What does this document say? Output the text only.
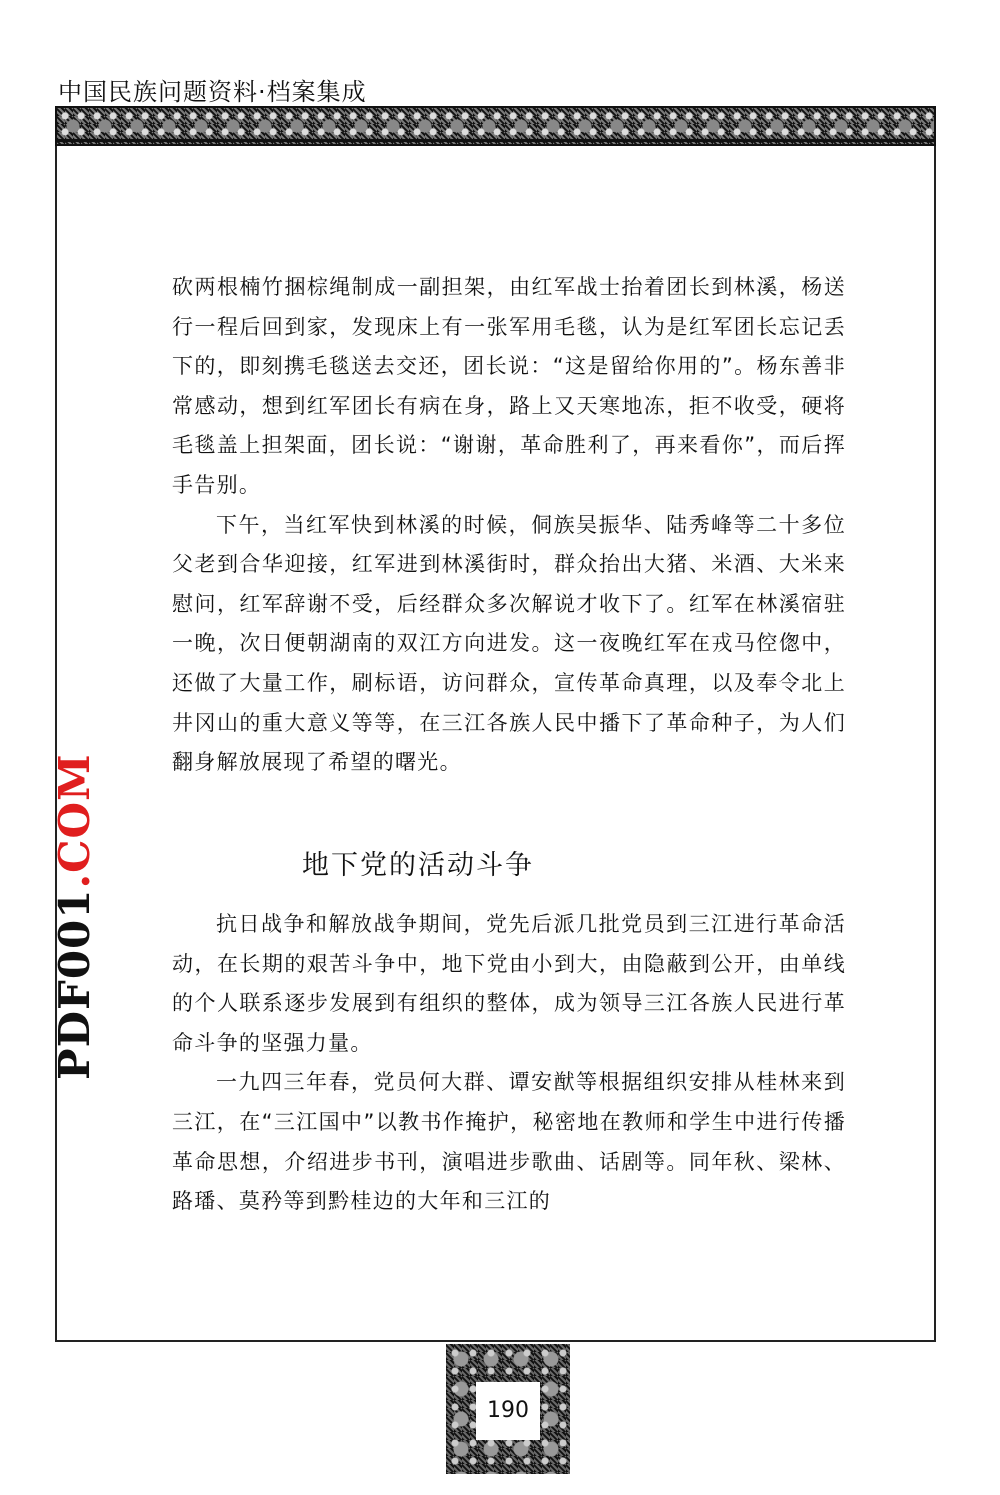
中国民族问题资料·档案集成

砍两根楠竹捆棕绳制成一副担架，由红军战士抬着团长到林溪，杨送行一程后回到家，发现床上有一张军用毛毯，认为是红军团长忘记丢下的，即刻携毛毯送去交还，团长说：“这是留给你用的”。杨东善非常感动，想到红军团长有病在身，路上又天寒地冻，拒不收受，硬将毛毯盖上担架面，团长说：“谢谢，革命胜利了，再来看你”，而后挥手告别。

下午，当红军快到林溪的时候，侗族吴振华、陆秀峰等二十多位父老到合华迎接，红军进到林溪街时，群众抬出大猪、米酒、大米来慰问，红军辞谢不受，后经群众多次解说才收下了。红军在林溪宿驻一晚，次日便朝湖南的双江方向进发。这一夜晚红军在戎马倥偬中，还做了大量工作，刷标语，访问群众，宣传革命真理，以及奉令北上井冈山的重大意义等等，在三江各族人民中播下了革命种子，为人们翻身解放展现了希望的曙光。

地下党的活动斗争

抗日战争和解放战争期间，党先后派几批党员到三江进行革命活动，在长期的艰苦斗争中，地下党由小到大，由隐蔽到公开，由单线的个人联系逐步发展到有组织的整体，成为领导三江各族人民进行革命斗争的坚强力量。

一九四三年春，党员何大群、谭安猷等根据组织安排从桂林来到三江，在“三江国中”以教书作掩护，秘密地在教师和学生中进行传播革命思想，介绍进步书刊，演唱进步歌曲、话剧等。同年秋、梁林、路璠、莫矜等到黔桂边的大年和三江的

PDF001.COM
190
